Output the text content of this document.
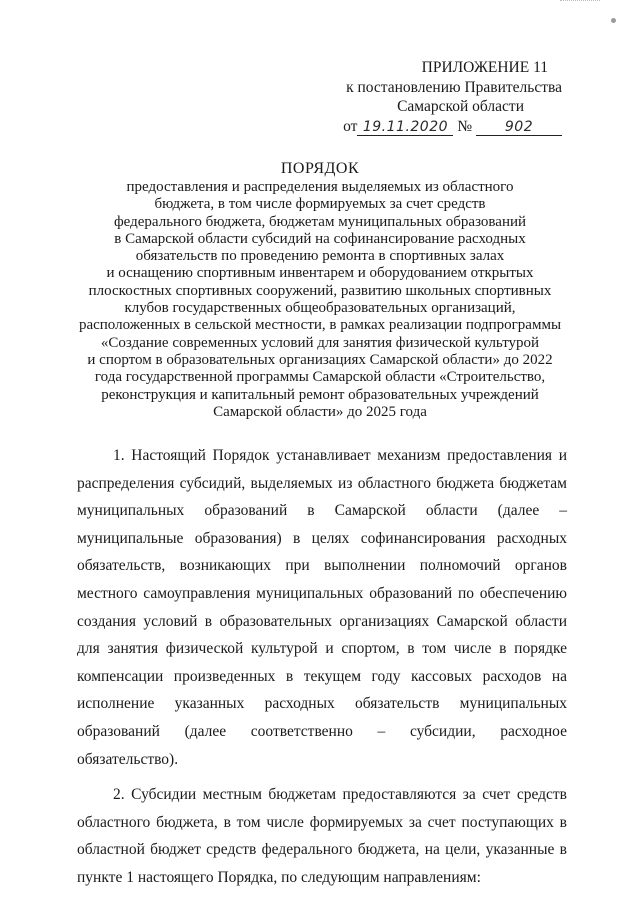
ПРИЛОЖЕНИЕ 11
к постановлению Правительства
Самарской области
от 19.11.2020 № 902
ПОРЯДОК

предоставления и распределения выделяемых из областного

бюджета, в том числе формируемых за счет средств

федерального бюджета, бюджетам муниципальных образований

в Самарской области субсидий на софинансирование расходных

обязательств по проведению ремонта в спортивных залах

и оснащению спортивным инвентарем и оборудованием открытых

плоскостных спортивных сооружений, развитию школьных спортивных

клубов государственных общеобразовательных организаций,

расположенных в сельской местности, в рамках реализации подпрограммы

«Создание современных условий для занятия физической культурой

и спортом в образовательных организациях Самарской области» до 2022

года государственной программы Самарской области «Строительство,

реконструкция и капитальный ремонт образовательных учреждений

Самарской области» до 2025 года

1. Настоящий Порядок устанавливает механизм предоставления и распределения субсидий, выделяемых из областного бюджета бюджетам муниципальных образований в Самарской области (далее – муниципальные образования) в целях софинансирования расходных обязательств, возникающих при выполнении полномочий органов местного самоуправления муниципальных образований по обеспечению создания условий в образовательных организациях Самарской области для занятия физической культурой и спортом, в том числе в порядке компенсации произведенных в текущем году кассовых расходов на исполнение указанных расходных обязательств муниципальных образований (далее соответственно – субсидии, расходное обязательство).

2. Субсидии местным бюджетам предоставляются за счет средств областного бюджета, в том числе формируемых за счет поступающих в областной бюджет средств федерального бюджета, на цели, указанные в пункте 1 настоящего Порядка, по следующим направлениям:
